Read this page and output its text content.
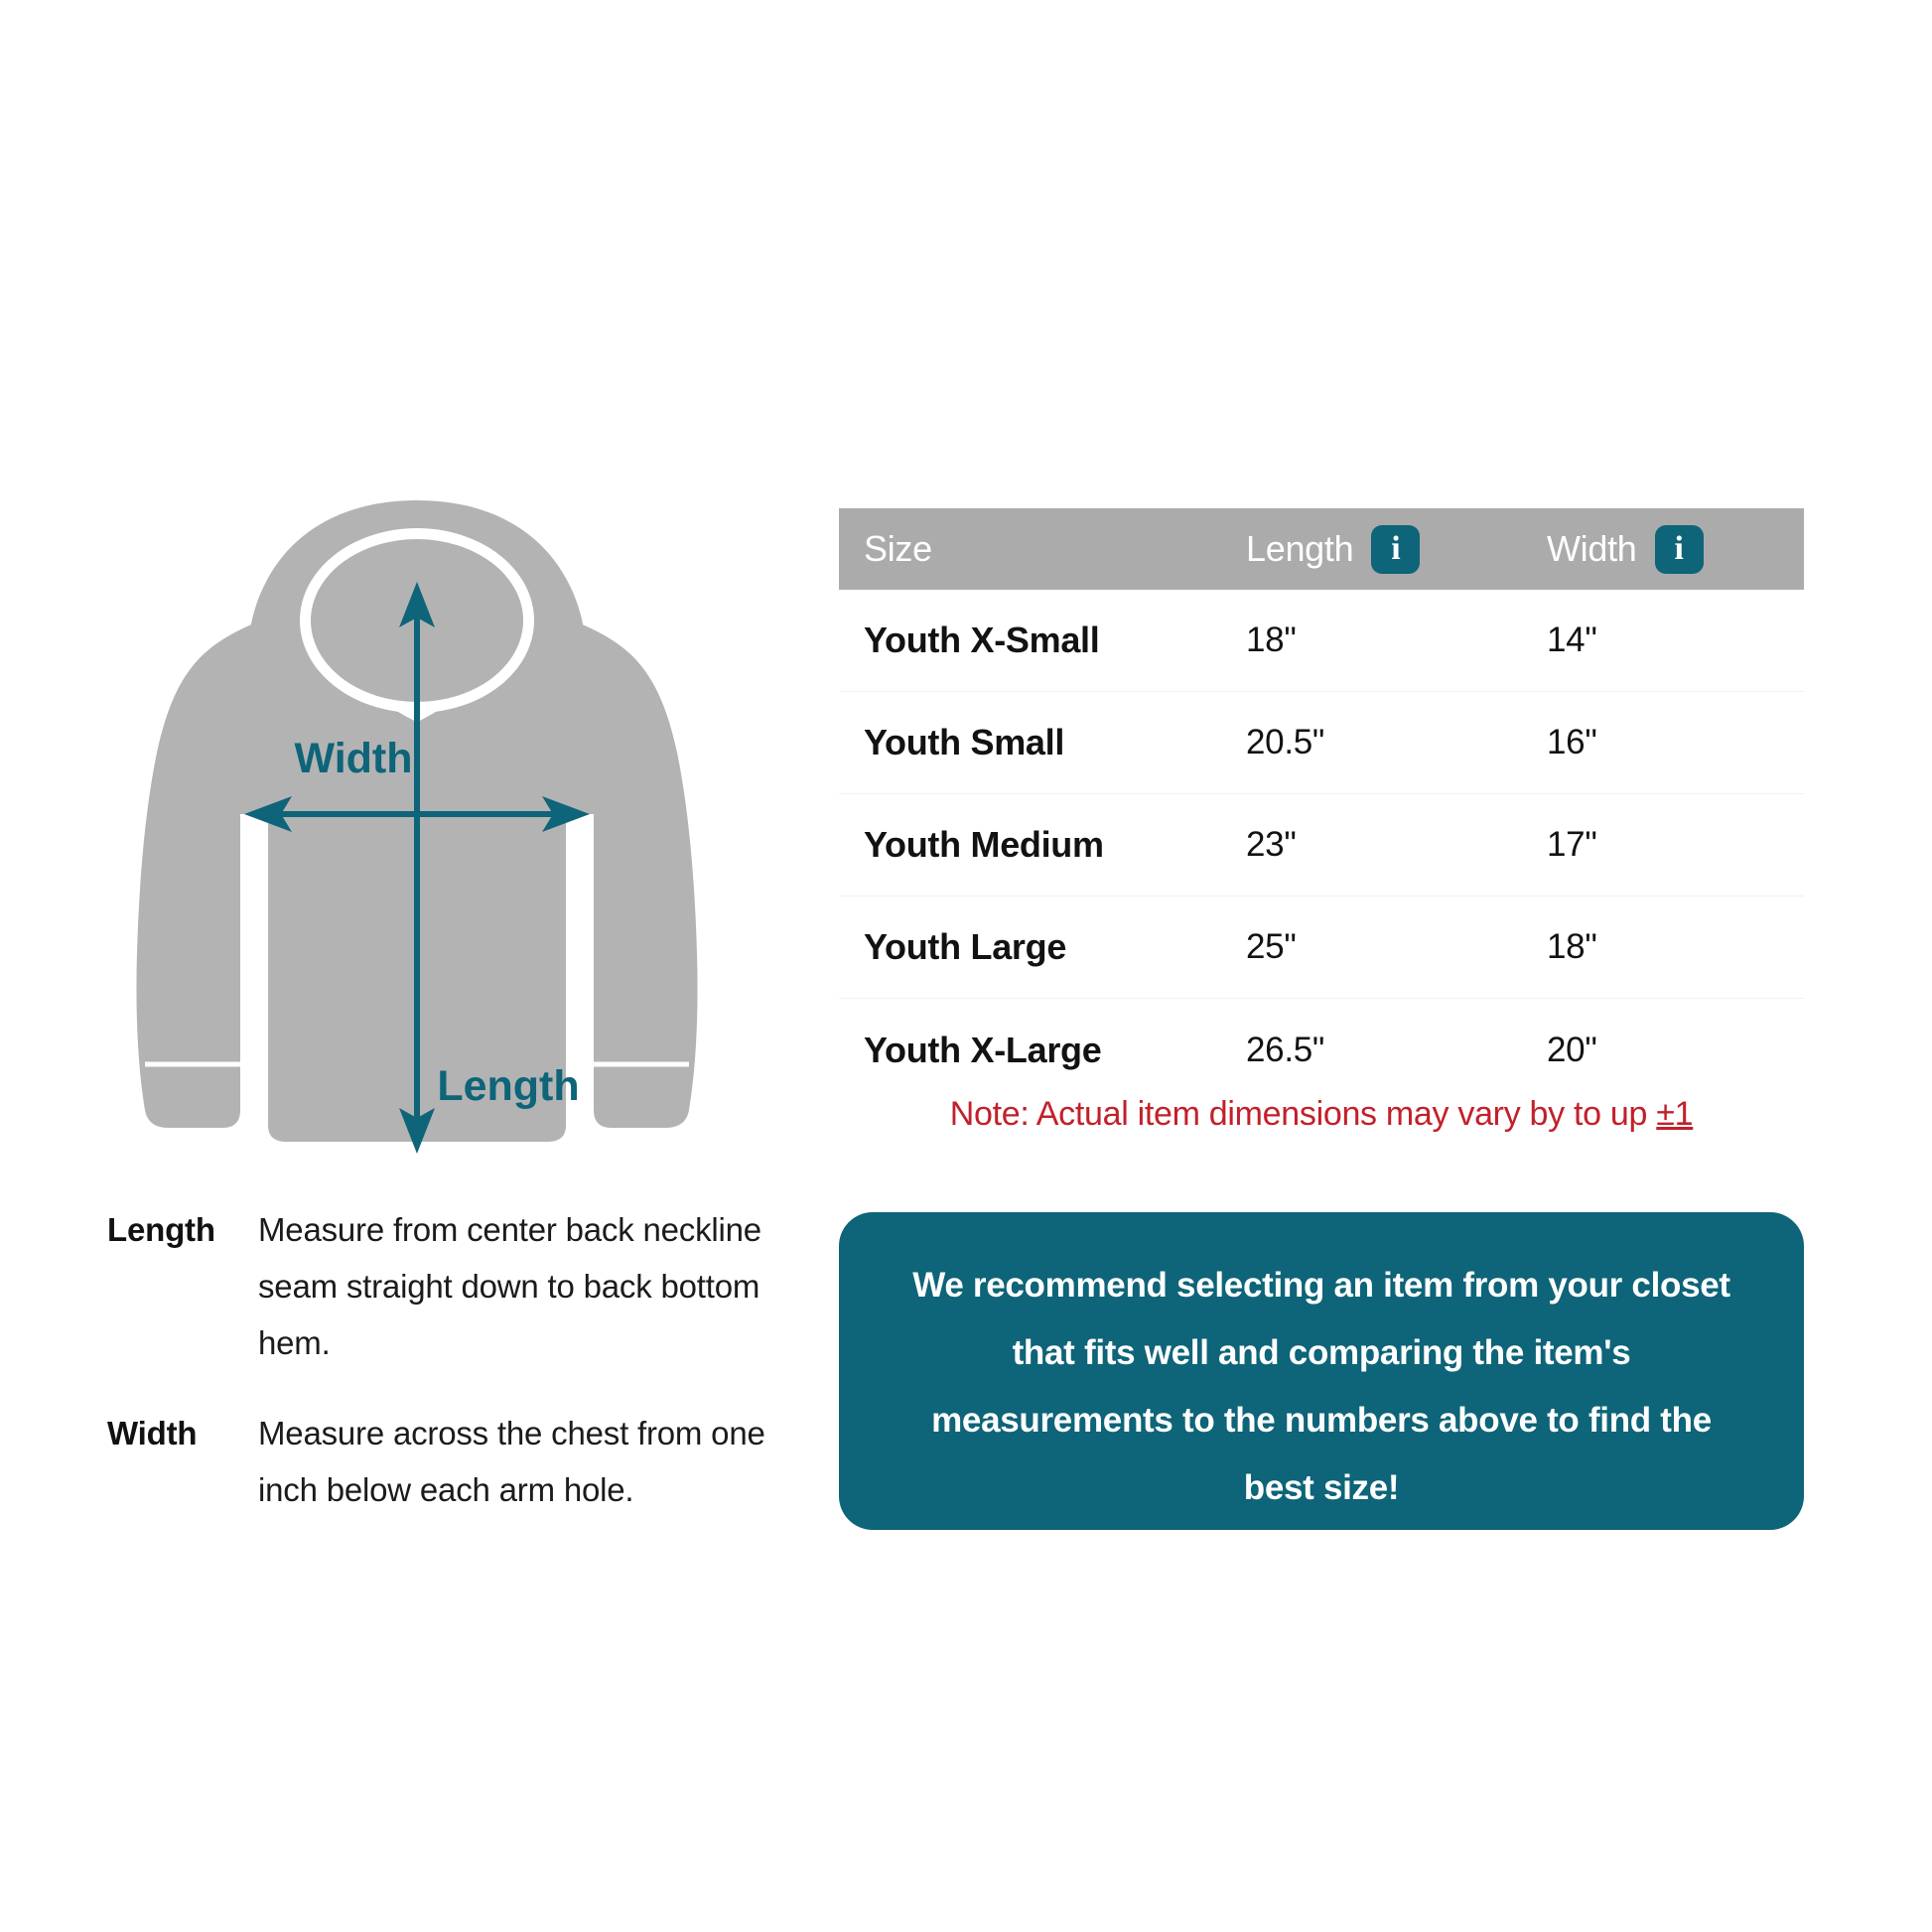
Width
Length
Length	Measure from center back neckline seam straight down to back bottom hem.
Width	Measure across the chest from one inch below each arm hole.
Size	Length	i	Width	i
Youth X-Small	18"	14"
Youth Small	20.5"	16"
Youth Medium	23"	17"
Youth Large	25"	18"
Youth X-Large	26.5"	20"
Note: Actual item dimensions may vary by to up ±1
We recommend selecting an item from your closet
that fits well and comparing the item's
measurements to the numbers above to find the
best size!
